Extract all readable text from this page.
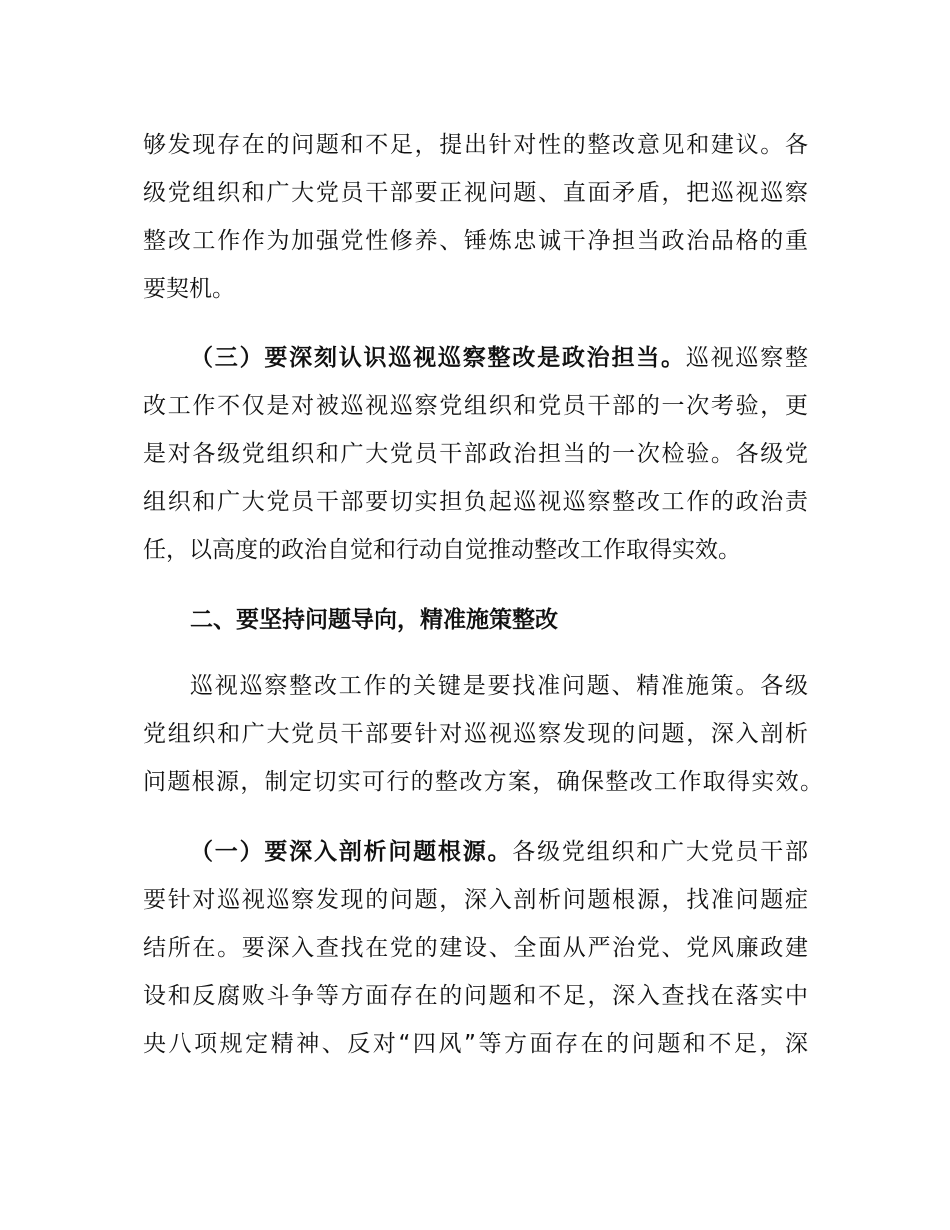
够发现存在的问题和不足，提出针对性的整改意见和建议。各
级党组织和广大党员干部要正视问题、直面矛盾，把巡视巡察
整改工作作为加强党性修养、锤炼忠诚干净担当政治品格的重
要契机。
（三）要深刻认识巡视巡察整改是政治担当。巡视巡察整
改工作不仅是对被巡视巡察党组织和党员干部的一次考验，更
是对各级党组织和广大党员干部政治担当的一次检验。各级党
组织和广大党员干部要切实担负起巡视巡察整改工作的政治责
任，以高度的政治自觉和行动自觉推动整改工作取得实效。
二、要坚持问题导向，精准施策整改
巡视巡察整改工作的关键是要找准问题、精准施策。各级
党组织和广大党员干部要针对巡视巡察发现的问题，深入剖析
问题根源，制定切实可行的整改方案，确保整改工作取得实效。
（一）要深入剖析问题根源。各级党组织和广大党员干部
要针对巡视巡察发现的问题，深入剖析问题根源，找准问题症
结所在。要深入查找在党的建设、全面从严治党、党风廉政建
设和反腐败斗争等方面存在的问题和不足，深入查找在落实中
央八项规定精神、反对“四风”等方面存在的问题和不足，深
